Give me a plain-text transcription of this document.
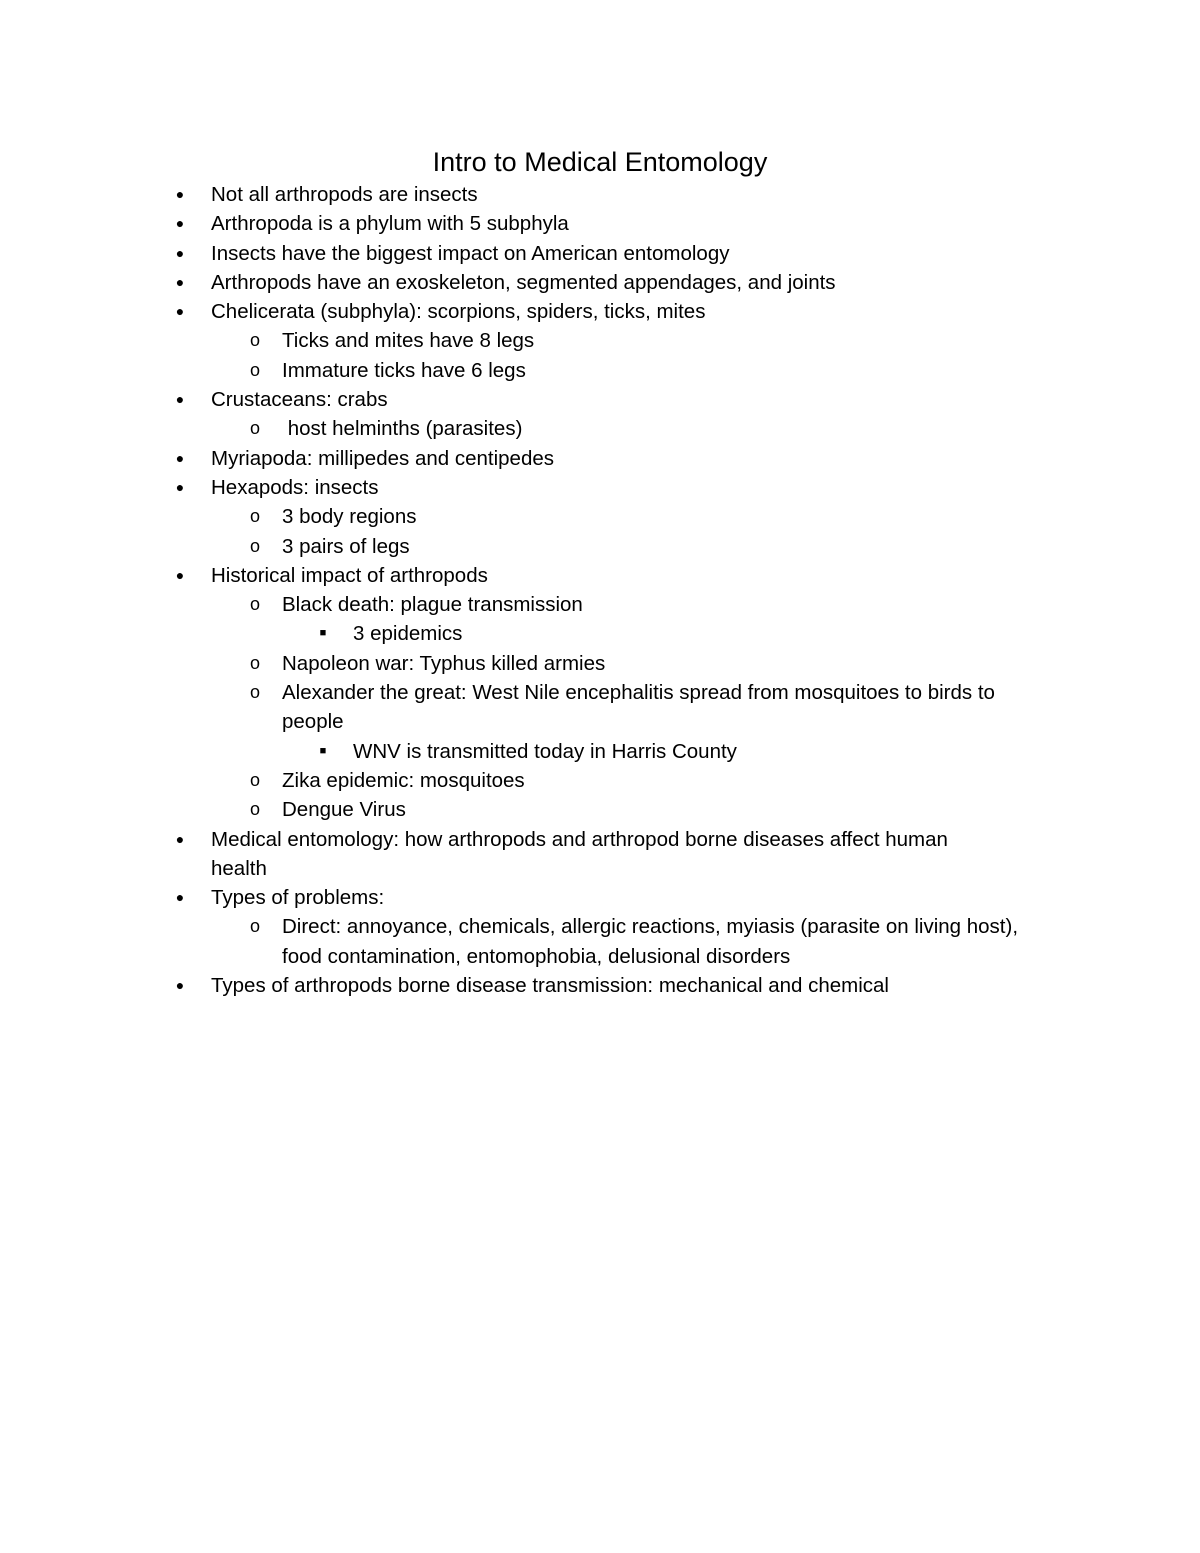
Intro to Medical Entomology
● Not all arthropods are insects
● Arthropoda is a phylum with 5 subphyla
● Insects have the biggest impact on American entomology
● Arthropods have an exoskeleton, segmented appendages, and joints
● Chelicerata (subphyla): scorpions, spiders, ticks, mites
o Ticks and mites have 8 legs
o Immature ticks have 6 legs
● Crustaceans: crabs
o host helminths (parasites)
● Myriapoda: millipedes and centipedes
● Hexapods: insects
o 3 body regions
o 3 pairs of legs
● Historical impact of arthropods
o Black death: plague transmission
■	3 epidemics
o Napoleon war: Typhus killed armies
o Alexander the great: West Nile encephalitis spread from mosquitoes to birds to
people
■	WNV is transmitted today in Harris County
o Zika epidemic: mosquitoes
o Dengue Virus
● Medical entomology: how arthropods and arthropod borne diseases affect human
health
● Types of problems:
o Direct: annoyance, chemicals, allergic reactions, myiasis (parasite on living host),
food contamination, entomophobia, delusional disorders
● Types of arthropods borne disease transmission: mechanical and chemical
